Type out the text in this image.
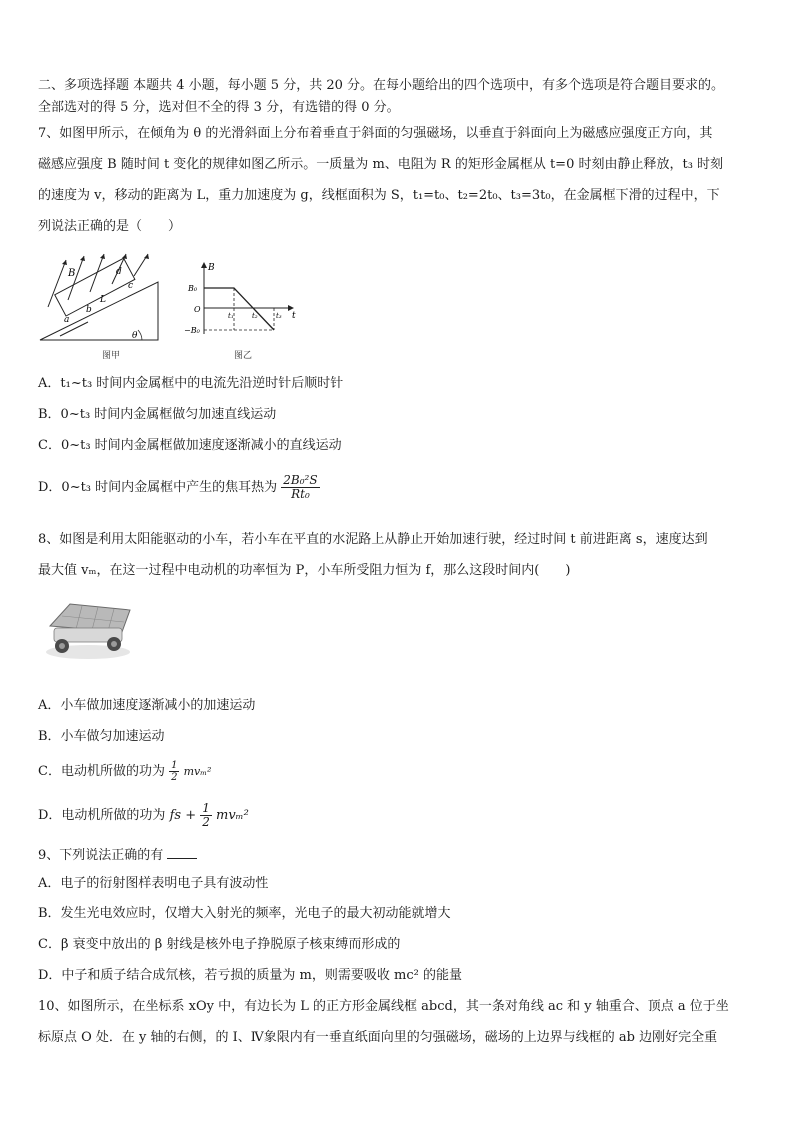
二、多项选择题 本题共 4 小题，每小题 5 分，共 20 分。在每小题给出的四个选项中，有多个选项是符合题目要求的。
全部选对的得 5 分，选对但不全的得 3 分，有选错的得 0 分。
7、如图甲所示，在倾角为 θ 的光滑斜面上分布着垂直于斜面的匀强磁场，以垂直于斜面向上为磁感应强度正方向，其
磁感应强度 B 随时间 t 变化的规律如图乙所示。一质量为 m、电阻为 R 的矩形金属框从 t=0 时刻由静止释放，t₃ 时刻
的速度为 v，移动的距离为 L，重力加速度为 g，线框面积为 S，t₁=t₀、t₂=2t₀、t₃=3t₀，在金属框下滑的过程中，下
列说法正确的是（　　）
B
a
b
c
d
L
θ
图甲
B
B₀
O
−B₀
t
t₁	t₂	t₃
图乙
A．t₁~t₃ 时间内金属框中的电流先沿逆时针后顺时针
B．0~t₃ 时间内金属框做匀加速直线运动
C．0~t₃ 时间内金属框做加速度逐渐减小的直线运动
D．0~t₃ 时间内金属框中产生的焦耳热为 $\frac{\text{2B₀²S}}{\text{Rt₀}}$
8、如图是利用太阳能驱动的小车，若小车在平直的水泥路上从静止开始加速行驶，经过时间 t 前进距离 s，速度达到
最大值 vₘ，在这一过程中电动机的功率恒为 P，小车所受阻力恒为 f，那么这段时间内(　　)
A．小车做加速度逐渐减小的加速运动
B．小车做匀加速运动
C．电动机所做的功为 $\frac{1}{2} mv_m^2$
D．电动机所做的功为 fs + $\frac{1}{2} mv_m^2$
9、下列说法正确的有
A．电子的衍射图样表明电子具有波动性
B．发生光电效应时，仅增大入射光的频率，光电子的最大初动能就增大
C．β 衰变中放出的 β 射线是核外电子挣脱原子核束缚而形成的
D．中子和质子结合成氘核，若亏损的质量为 m，则需要吸收 mc² 的能量
10、如图所示，在坐标系 xOy 中，有边长为 L 的正方形金属线框 abcd，其一条对角线 ac 和 y 轴重合、顶点 a 位于坐
标原点 O 处．在 y 轴的右侧，的 I、Ⅳ象限内有一垂直纸面向里的匀强磁场，磁场的上边界与线框的 ab 边刚好完全重
